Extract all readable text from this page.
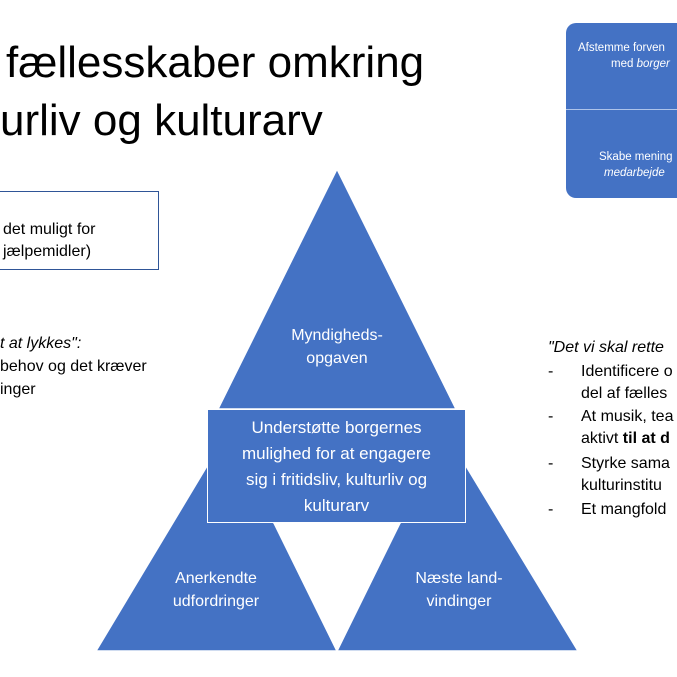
fællesskaber omkring
urliv og kulturarv
det muligt for
jælpemidler)
t at lykkes":
behov og det kræver
inger
Afstemme forven
med borger
Skabe mening
medarbejde
Myndigheds-
opgaven
Anerkendte
udfordringer
Næste land-
vindinger
Understøtte borgernes
mulighed for at engagere
sig i fritidsliv, kulturliv og
kulturarv
"Det vi skal rette
- Identificere o
del af fælles
- At musik, tea
aktivt til at d
- Styrke sama
kulturinstitu
- Et mangfold
